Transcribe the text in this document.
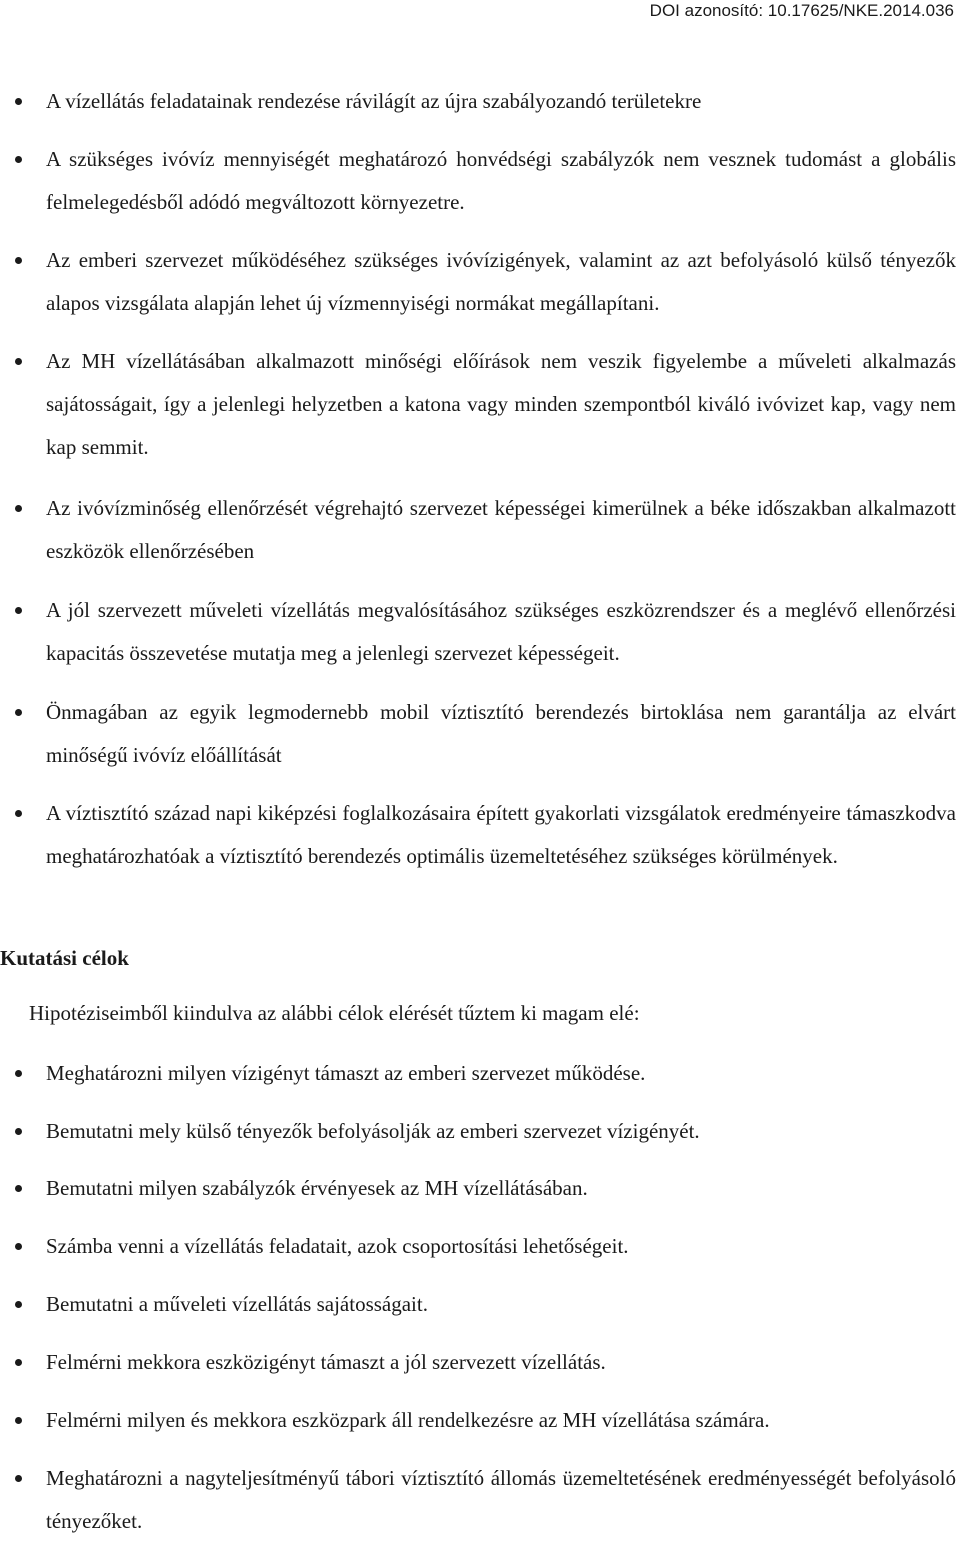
DOI azonosító: 10.17625/NKE.2014.036
A vízellátás feladatainak rendezése rávilágít az újra szabályozandó területekre
A szükséges ivóvíz mennyiségét meghatározó honvédségi szabályzók nem vesznek tudomást a globális felmelegedésből adódó megváltozott környezetre.
Az emberi szervezet működéséhez szükséges ivóvízigények, valamint az azt befolyásoló külső tényezők alapos vizsgálata alapján lehet új vízmennyiségi normákat megállapítani.
Az MH vízellátásában alkalmazott minőségi előírások nem veszik figyelembe a műveleti alkalmazás sajátosságait, így a jelenlegi helyzetben a katona vagy minden szempontból kiváló ivóvizet kap, vagy nem kap semmit.
Az ivóvízminőség ellenőrzését végrehajtó szervezet képességei kimerülnek a béke időszakban alkalmazott eszközök ellenőrzésében
A jól szervezett műveleti vízellátás megvalósításához szükséges eszközrendszer és a meglévő ellenőrzési kapacitás összevetése mutatja meg a jelenlegi szervezet képességeit.
Önmagában az egyik legmodernebb mobil víztisztító berendezés birtoklása nem garantálja az elvárt minőségű ivóvíz előállítását
A víztisztító század napi kiképzési foglalkozásaira épített gyakorlati vizsgálatok eredményeire támaszkodva meghatározhatóak a víztisztító berendezés optimális üzemeltetéséhez szükséges körülmények.
Kutatási célok
Hipotéziseimből kiindulva az alábbi célok elérését tűztem ki magam elé:
Meghatározni milyen vízigényt támaszt az emberi szervezet működése.
Bemutatni mely külső tényezők befolyásolják az emberi szervezet vízigényét.
Bemutatni milyen szabályzók érvényesek az MH vízellátásában.
Számba venni a vízellátás feladatait, azok csoportosítási lehetőségeit.
Bemutatni a műveleti vízellátás sajátosságait.
Felmérni mekkora eszközigényt támaszt a jól szervezett vízellátás.
Felmérni milyen és mekkora eszközpark áll rendelkezésre az MH vízellátása számára.
Meghatározni a nagyteljesítményű tábori víztisztító állomás üzemeltetésének eredményességét befolyásoló tényezőket.
